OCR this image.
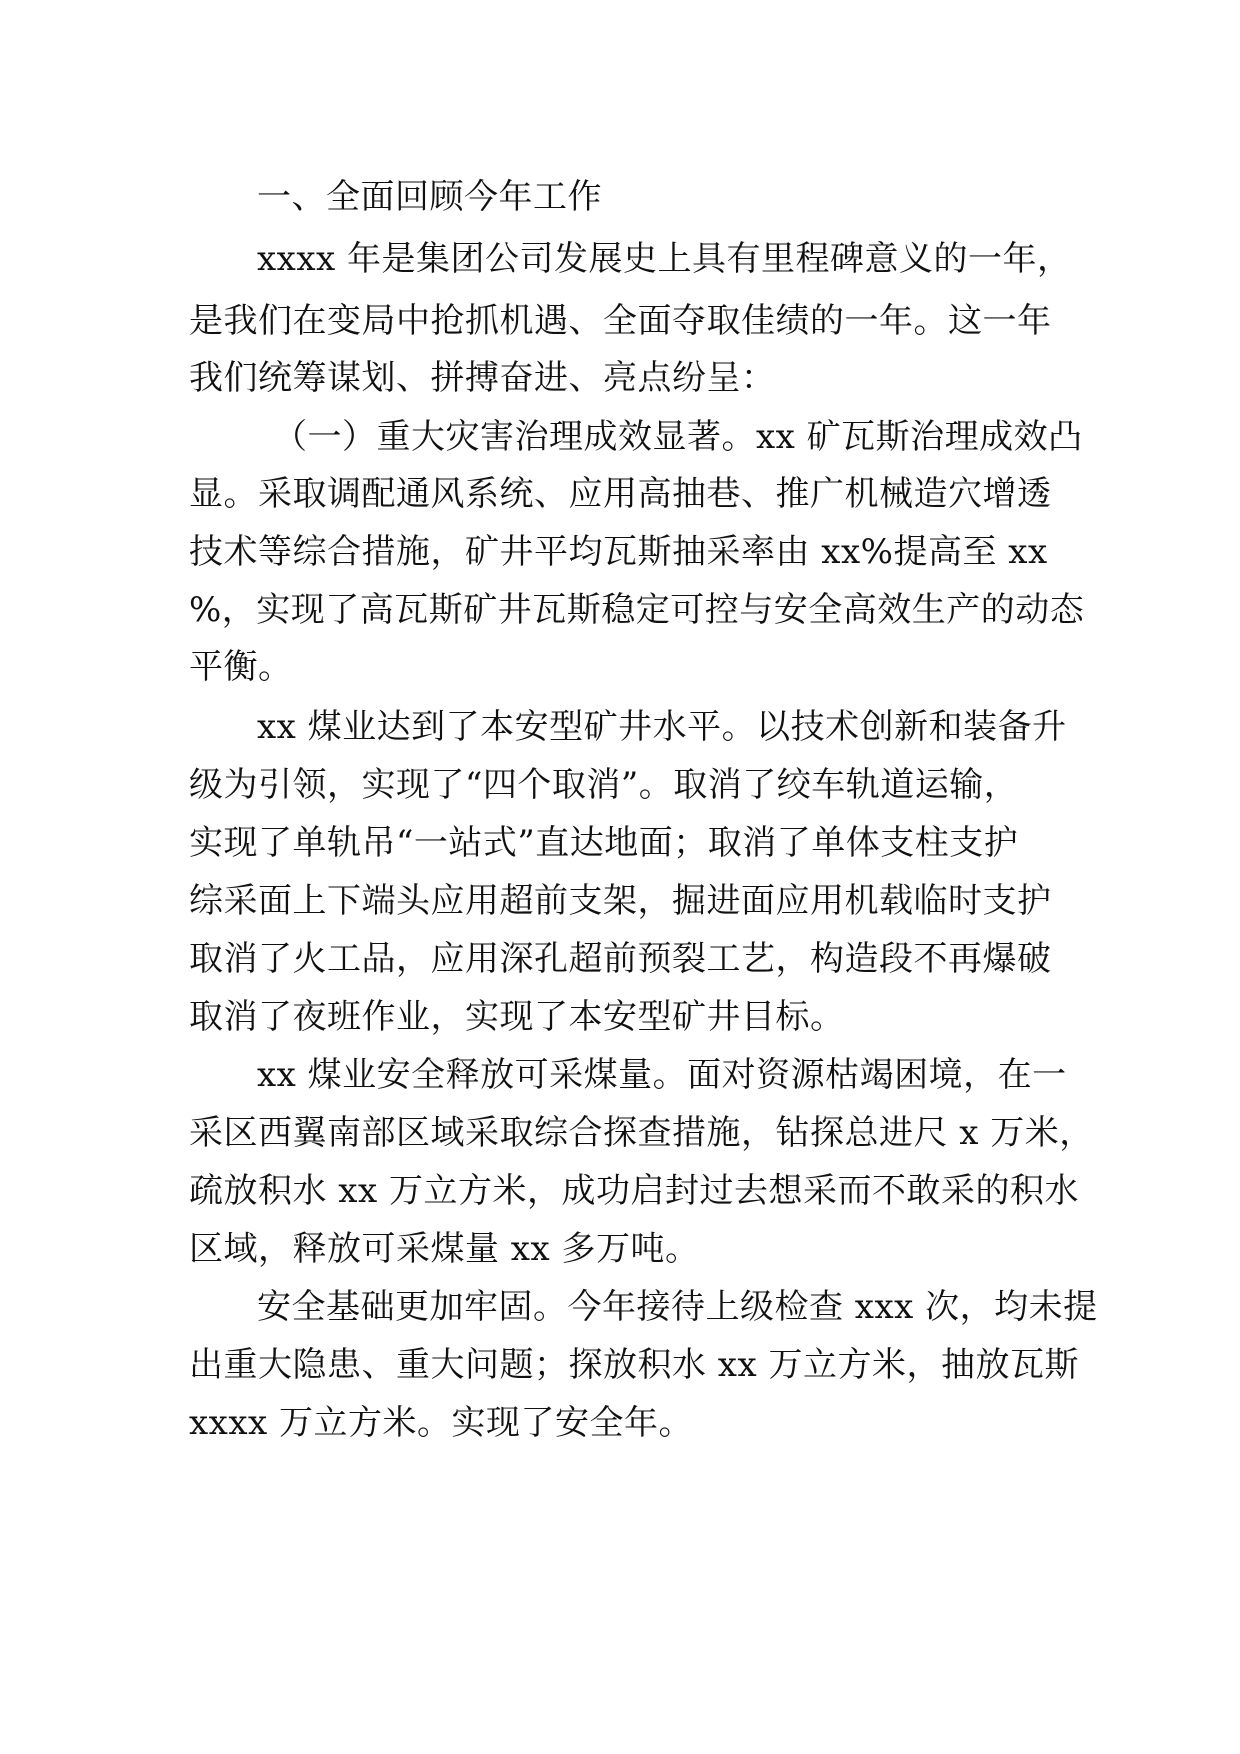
一、全面回顾今年工作
xxxx 年是集团公司发展史上具有里程碑意义的一年，
是我们在变局中抢抓机遇、全面夺取佳绩的一年。这一年
我们统筹谋划、拼搏奋进、亮点纷呈：
（一）重大灾害治理成效显著。xx 矿瓦斯治理成效凸
显。采取调配通风系统、应用高抽巷、推广机械造穴增透
技术等综合措施，矿井平均瓦斯抽采率由 xx%提高至 xx
%，实现了高瓦斯矿井瓦斯稳定可控与安全高效生产的动态
平衡。
xx 煤业达到了本安型矿井水平。以技术创新和装备升
级为引领，实现了“四个取消”。取消了绞车轨道运输，
实现了单轨吊“一站式”直达地面；取消了单体支柱支护
综采面上下端头应用超前支架，掘进面应用机载临时支护
取消了火工品，应用深孔超前预裂工艺，构造段不再爆破
取消了夜班作业，实现了本安型矿井目标。
xx 煤业安全释放可采煤量。面对资源枯竭困境，在一
采区西翼南部区域采取综合探查措施，钻探总进尺 x 万米，
疏放积水 xx 万立方米，成功启封过去想采而不敢采的积水
区域，释放可采煤量 xx 多万吨。
安全基础更加牢固。今年接待上级检查 xxx 次，均未提
出重大隐患、重大问题；探放积水 xx 万立方米，抽放瓦斯
xxxx 万立方米。实现了安全年。
